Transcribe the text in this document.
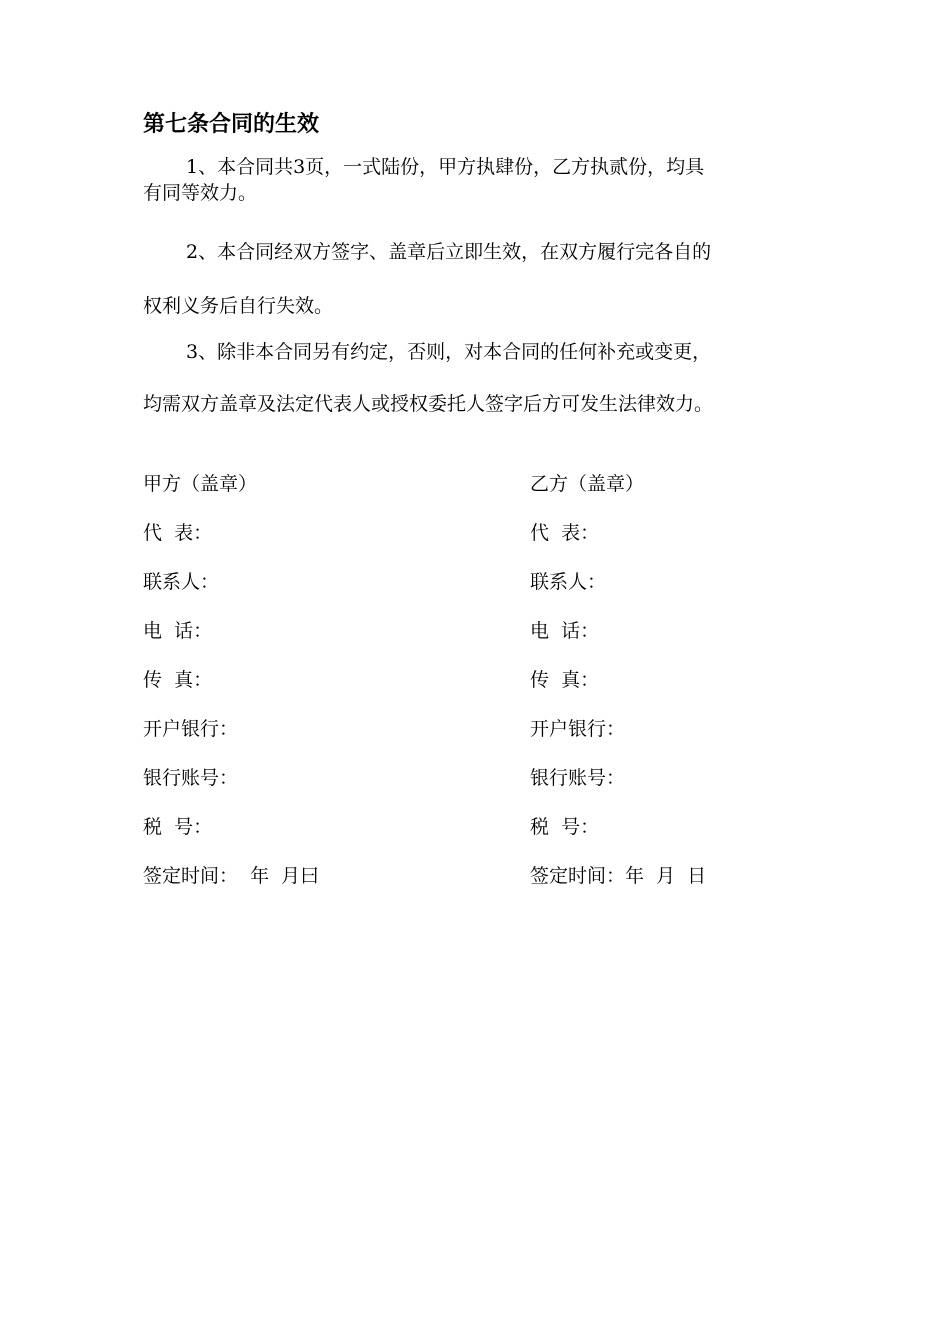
第七条合同的生效
1、本合同共3页，一式陆份，甲方执肆份，乙方执贰份，均具
有同等效力。
2、本合同经双方签字、盖章后立即生效，在双方履行完各自的
权利义务后自行失效。
3、除非本合同另有约定，否则，对本合同的任何补充或变更，
均需双方盖章及法定代表人或授权委托人签字后方可发生法律效力。
甲方（盖章）
代  表：
联系人：
电  话：
传  真：
开户银行：
银行账号：
税  号：
签定时间：  年  月曰
乙方（盖章）
代  表：
联系人：
电  话：
传  真：
开户银行：
银行账号：
税  号：
签定时间：年  月  日
